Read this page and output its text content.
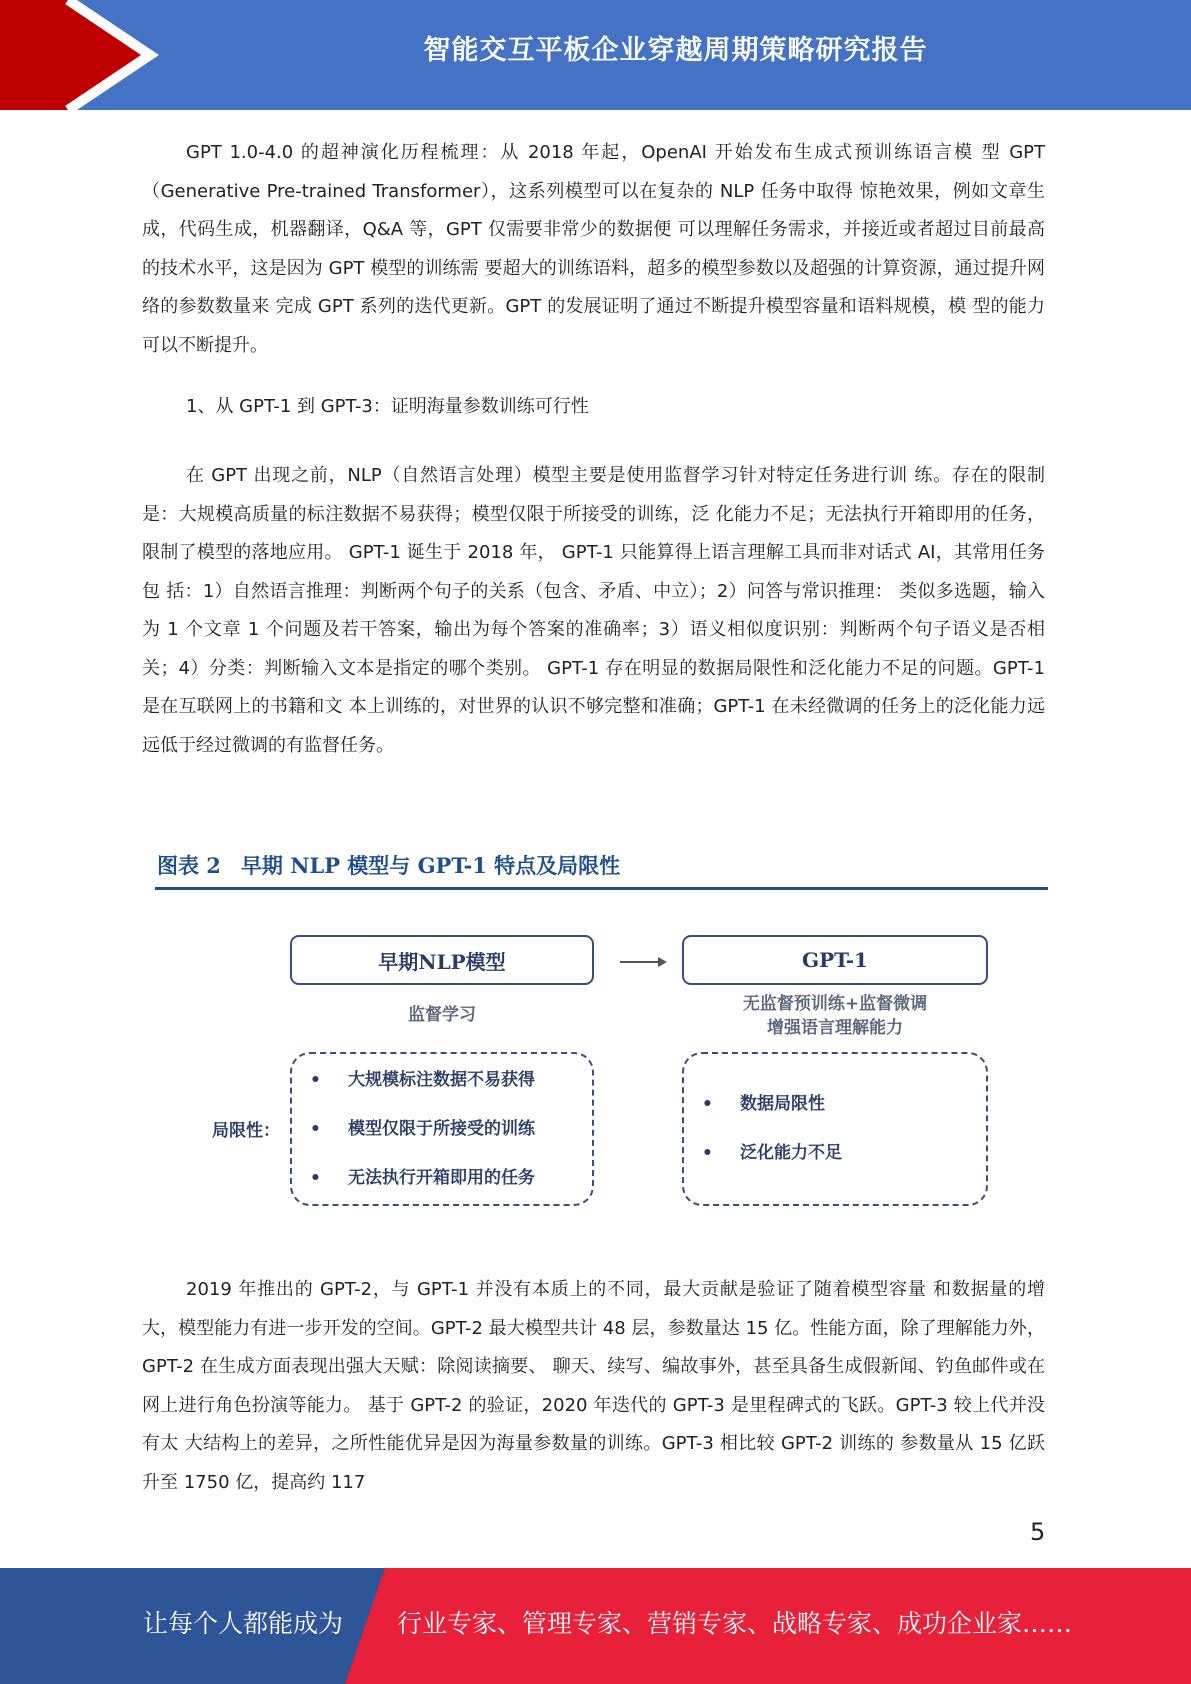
智能交互平板企业穿越周期策略研究报告

GPT 1.0-4.0 的超神演化历程梳理：从 2018 年起，OpenAI 开始发布生成式预训练语言模 型 GPT（Generative Pre-trained Transformer），这系列模型可以在复杂的 NLP 任务中取得 惊艳效果，例如文章生成，代码生成，机器翻译，Q&A 等，GPT 仅需要非常少的数据便 可以理解任务需求，并接近或者超过目前最高的技术水平，这是因为 GPT 模型的训练需 要超大的训练语料，超多的模型参数以及超强的计算资源，通过提升网络的参数数量来 完成 GPT 系列的迭代更新。GPT 的发展证明了通过不断提升模型容量和语料规模，模 型的能力可以不断提升。

1、从 GPT-1 到 GPT-3：证明海量参数训练可行性

在 GPT 出现之前，NLP（自然语言处理）模型主要是使用监督学习针对特定任务进行训 练。存在的限制是：大规模高质量的标注数据不易获得；模型仅限于所接受的训练，泛 化能力不足；无法执行开箱即用的任务，限制了模型的落地应用。 GPT-1 诞生于 2018 年， GPT-1 只能算得上语言理解工具而非对话式 AI，其常用任务包 括：1）自然语言推理：判断两个句子的关系（包含、矛盾、中立）；2）问答与常识推理： 类似多选题，输入为 1 个文章 1 个问题及若干答案，输出为每个答案的准确率；3）语义相似度识别：判断两个句子语义是否相关；4）分类：判断输入文本是指定的哪个类别。 GPT-1 存在明显的数据局限性和泛化能力不足的问题。GPT-1 是在互联网上的书籍和文 本上训练的，对世界的认识不够完整和准确；GPT-1 在未经微调的任务上的泛化能力远 远低于经过微调的有监督任务。

图表 2 早期 NLP 模型与 GPT-1 特点及局限性
早期NLP模型	GPT-1
监督学习
无监督预训练+监督微调
增强语言理解能力
局限性：
• 大规模标注数据不易获得
• 模型仅限于所接受的训练
• 无法执行开箱即用的任务
• 数据局限性
• 泛化能力不足

2019 年推出的 GPT-2，与 GPT-1 并没有本质上的不同，最大贡献是验证了随着模型容量 和数据量的增大，模型能力有进一步开发的空间。GPT-2 最大模型共计 48 层，参数量达 15 亿。性能方面，除了理解能力外，GPT-2 在生成方面表现出强大天赋：除阅读摘要、 聊天、续写、编故事外，甚至具备生成假新闻、钓鱼邮件或在网上进行角色扮演等能力。 基于 GPT-2 的验证，2020 年迭代的 GPT-3 是里程碑式的飞跃。GPT-3 较上代并没有太 大结构上的差异，之所性能优异是因为海量参数量的训练。GPT-3 相比较 GPT-2 训练的 参数量从 15 亿跃升至 1750 亿，提高约 117

5
让每个人都能成为 行业专家、管理专家、营销专家、战略专家、成功企业家……
